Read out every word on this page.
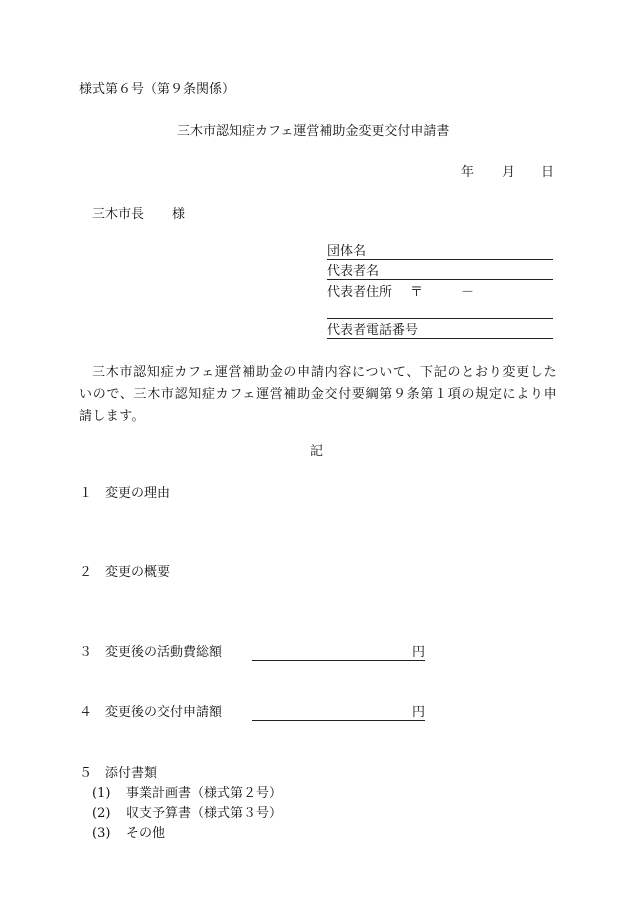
様式第６号（第９条関係）
三木市認知症カフェ運営補助金変更交付申請書
年 月 日
三木市長 様
団体名
代表者名
代表者住所 〒	－
代表者電話番号
三木市認知症カフェ運営補助金の申請内容について、下記のとおり変更したいので、三木市認知症カフェ運営補助金交付要綱第９条第１項の規定により申請します。
記
１ 変更の理由
２ 変更の概要
３ 変更後の活動費総額	円
４ 変更後の交付申請額	円
５ 添付書類
(1) 事業計画書（様式第２号）
(2) 収支予算書（様式第３号）
(3) その他
